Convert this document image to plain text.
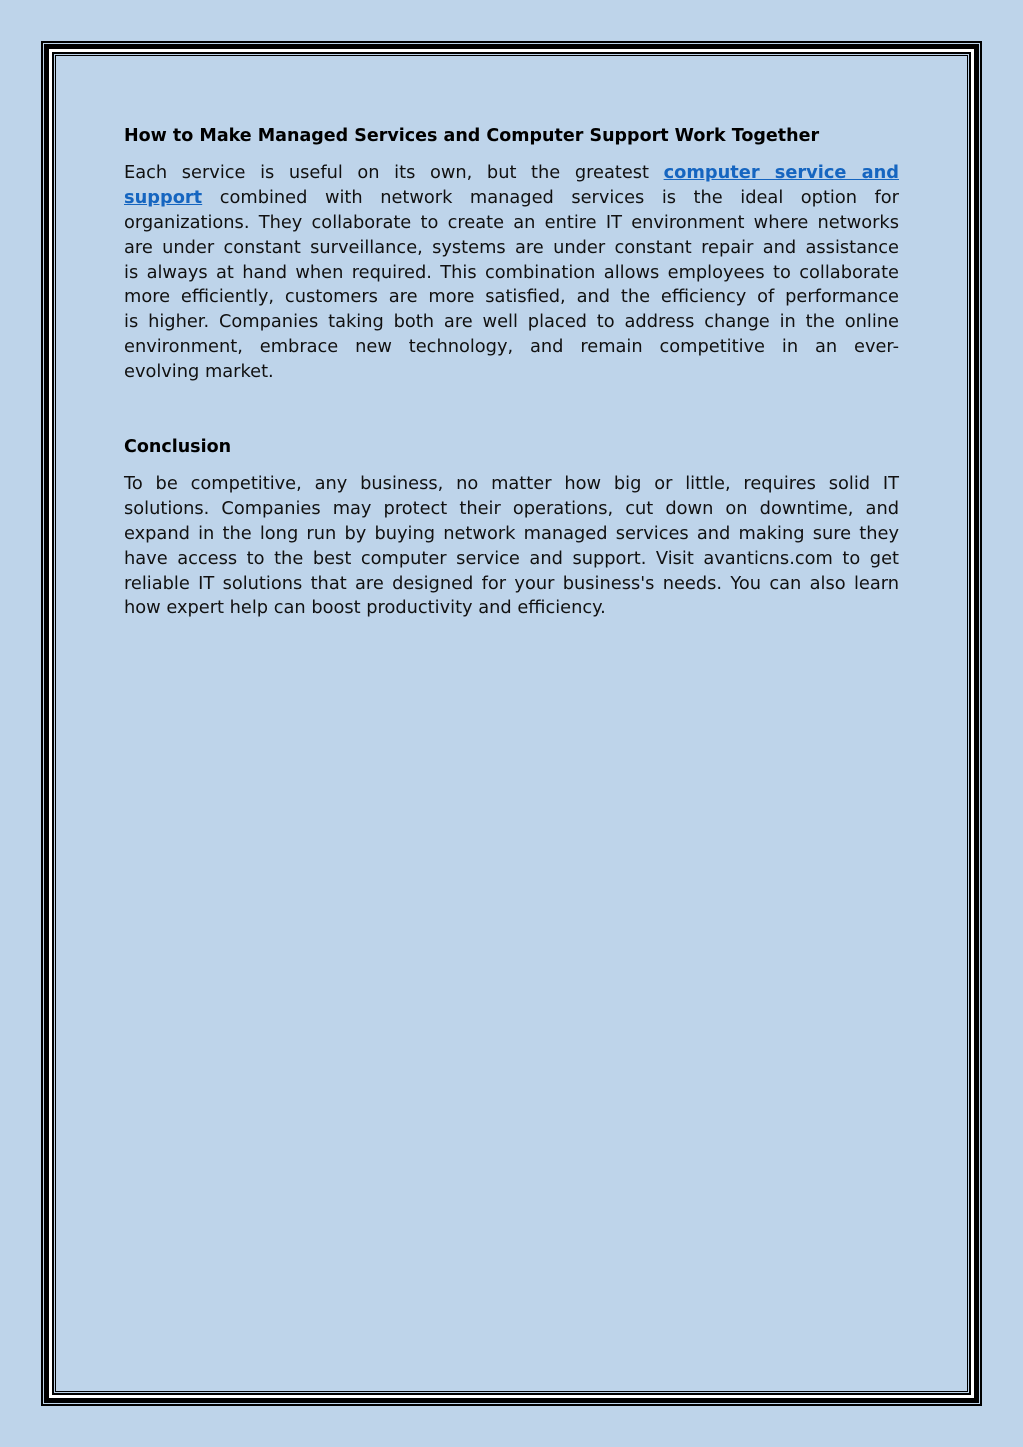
How to Make Managed Services and Computer Support Work Together
Each service is useful on its own, but the greatest computer service and
support combined with network managed services is the ideal option for
organizations. They collaborate to create an entire IT environment where networks
are under constant surveillance, systems are under constant repair and assistance
is always at hand when required. This combination allows employees to collaborate
more efficiently, customers are more satisfied, and the efficiency of performance
is higher. Companies taking both are well placed to address change in the online
environment, embrace new technology, and remain competitive in an ever-
evolving market.
Conclusion
To be competitive, any business, no matter how big or little, requires solid IT
solutions. Companies may protect their operations, cut down on downtime, and
expand in the long run by buying network managed services and making sure they
have access to the best computer service and support. Visit avanticns.com to get
reliable IT solutions that are designed for your business's needs. You can also learn
how expert help can boost productivity and efficiency.
